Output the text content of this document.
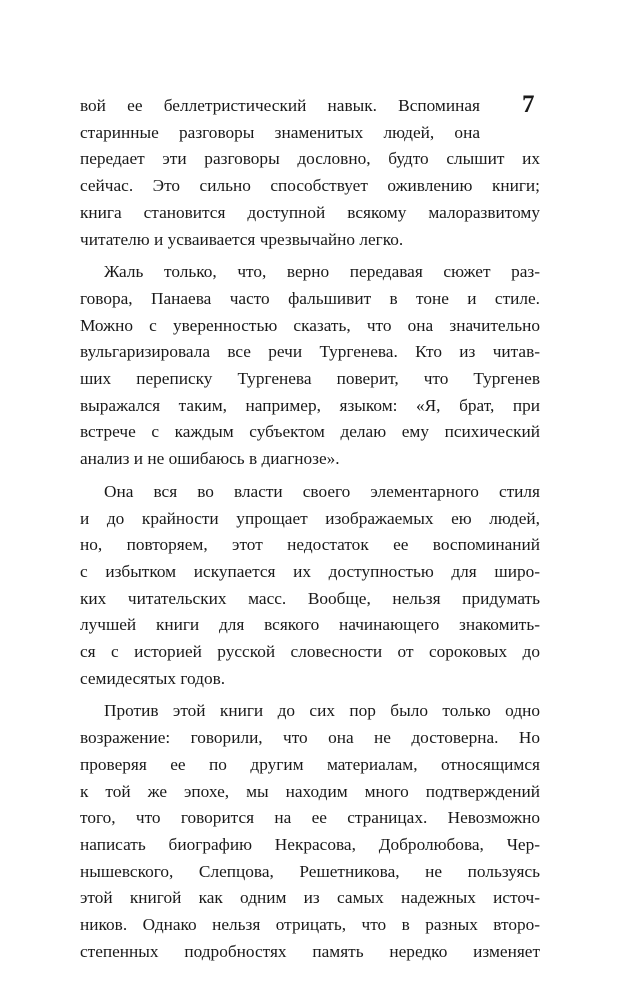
7
вой ее беллетристический навык. Вспоминая
старинные разговоры знаменитых людей, она
передает эти разговоры дословно, будто слышит их
сейчас. Это сильно способствует оживлению книги;
книга становится доступной всякому малоразвитому
читателю и усваивается чрезвычайно легко.
Жаль только, что, верно передавая сюжет раз-
говора, Панаева часто фальшивит в тоне и стиле.
Можно с уверенностью сказать, что она значительно
вульгаризировала все речи Тургенева. Кто из читав-
ших переписку Тургенева поверит, что Тургенев
выражался таким, например, языком: «Я, брат, при
встрече с каждым субъектом делаю ему психический
анализ и не ошибаюсь в диагнозе».
Она вся во власти своего элементарного стиля
и до крайности упрощает изображаемых ею людей,
но, повторяем, этот недостаток ее воспоминаний
с избытком искупается их доступностью для широ-
ких читательских масс. Вообще, нельзя придумать
лучшей книги для всякого начинающего знакомить-
ся с историей русской словесности от сороковых до
семидесятых годов.
Против этой книги до сих пор было только одно
возражение: говорили, что она не достоверна. Но
проверяя ее по другим материалам, относящимся
к той же эпохе, мы находим много подтверждений
того, что говорится на ее страницах. Невозможно
написать биографию Некрасова, Добролюбова, Чер-
нышевского, Слепцова, Решетникова, не пользуясь
этой книгой как одним из самых надежных источ-
ников. Однако нельзя отрицать, что в разных второ-
степенных подробностях память нередко изменяет
